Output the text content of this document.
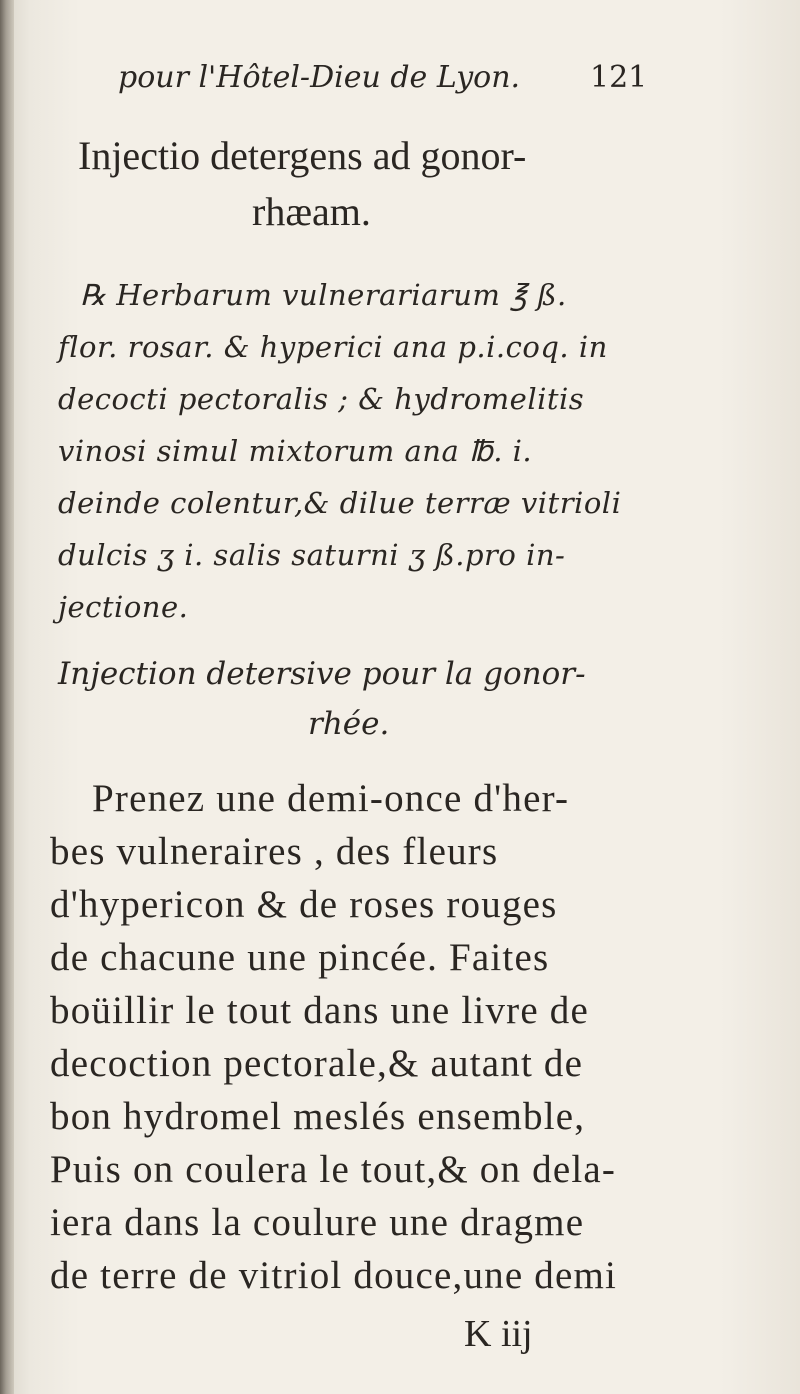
pour l'Hôtel-Dieu de Lyon. 121

Injectio detergens ad gonor-

rhæam.

℞ Herbarum vulnerariarum ℥ ß.

flor. rosar. & hyperici ana p.i.coq. in

decocti pectoralis ; & hydromelitis

vinosi simul mixtorum ana ℔. i.

deinde colentur,& dilue terræ vitrioli

dulcis ʒ i. salis saturni ʒ ß.pro in-

jectione.

Injection detersive pour la gonor-

rhée.

Prenez une demi-once d'her-

bes vulneraires , des fleurs

d'hypericon & de roses rouges

de chacune une pincée. Faites

boüillir le tout dans une livre de

decoction pectorale,& autant de

bon hydromel meslés ensemble,

Puis on coulera le tout,& on dela-

iera dans la coulure une dragme

de terre de vitriol douce,une demi

K iij
